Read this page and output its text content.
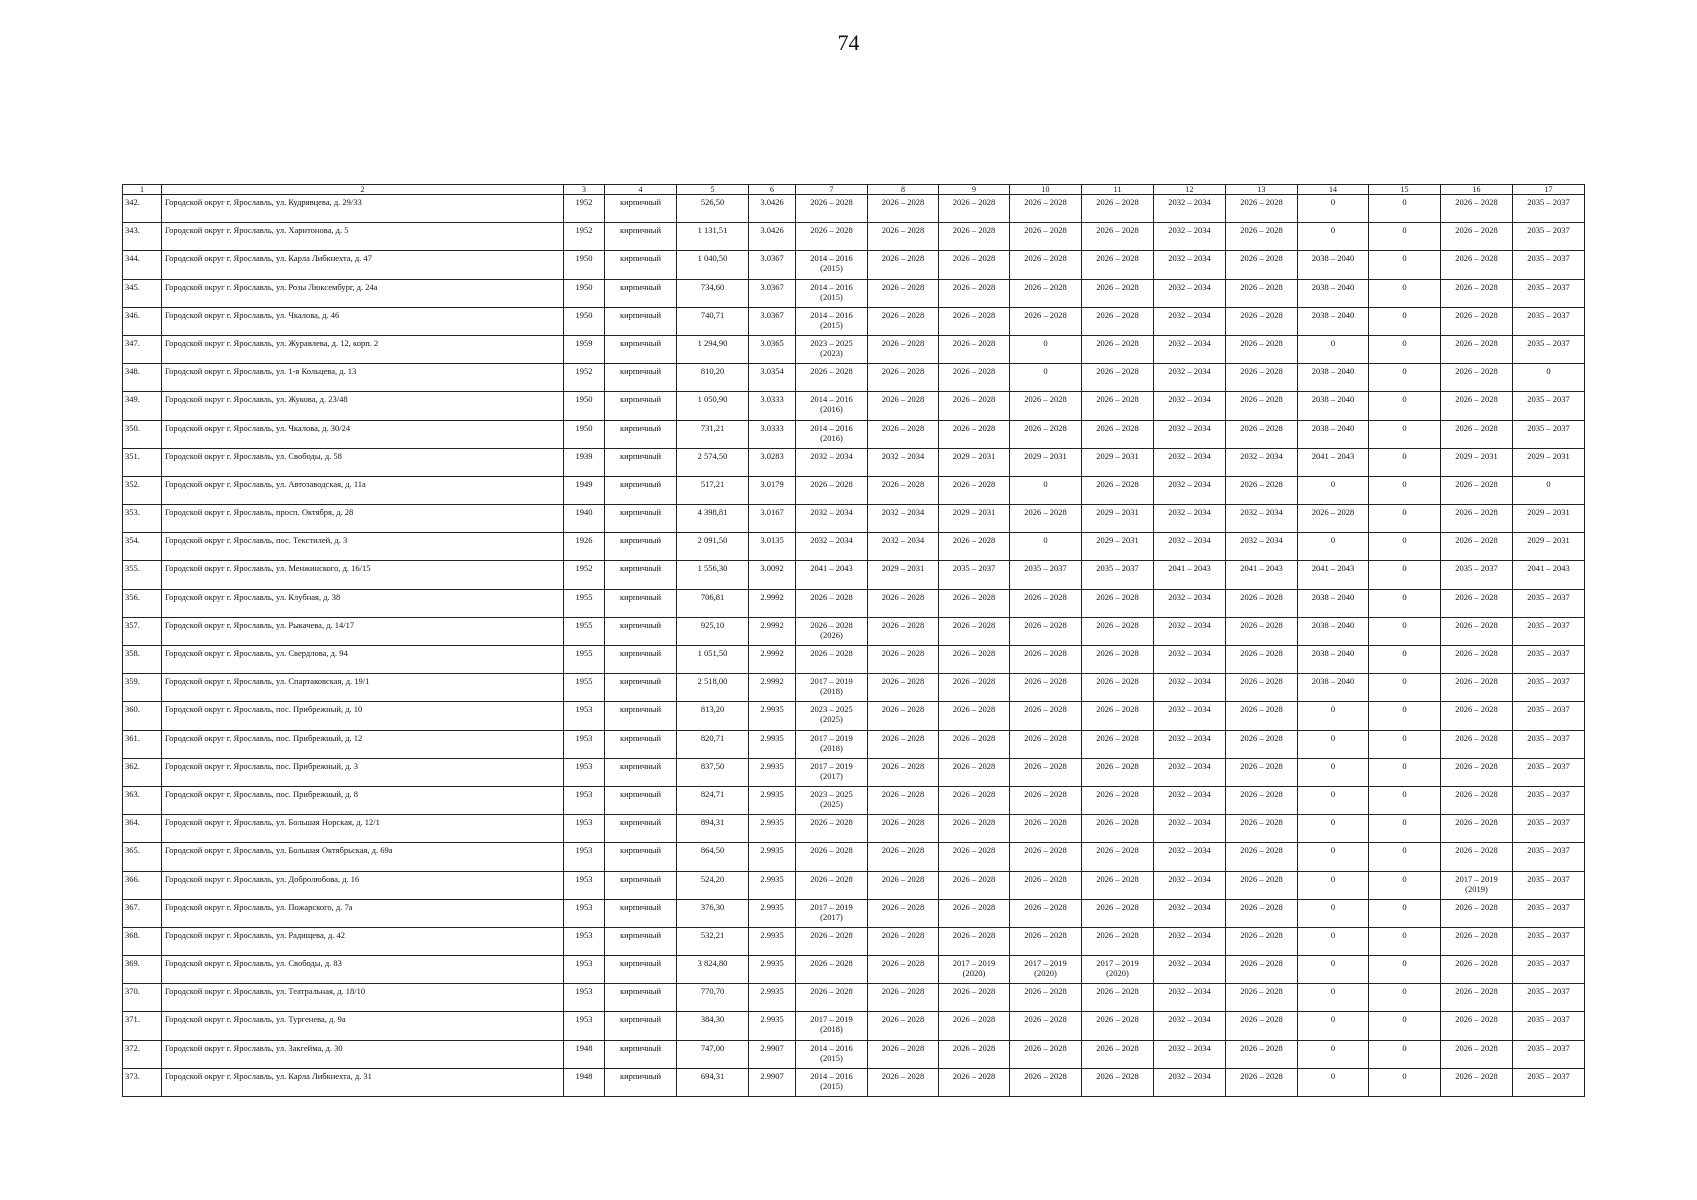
74
1	2	3	4	5	6	7	8	9	10	11	12	13	14	15	16	17
342.	Городской округ г. Ярославль, ул. Кудрявцева, д. 29/33	1952	кирпичный	526,50	3.0426	2026 – 2028	2026 – 2028	2026 – 2028	2026 – 2028	2026 – 2028	2032 – 2034	2026 – 2028	0	0	2026 – 2028	2035 – 2037
343.	Городской округ г. Ярославль, ул. Харитонова, д. 5	1952	кирпичный	1 131,51	3.0426	2026 – 2028	2026 – 2028	2026 – 2028	2026 – 2028	2026 – 2028	2032 – 2034	2026 – 2028	0	0	2026 – 2028	2035 – 2037
344.	Городской округ г. Ярославль, ул. Карла Либкнехта, д. 47	1950	кирпичный	1 040,50	3.0367	2014 – 2016 (2015)	2026 – 2028	2026 – 2028	2026 – 2028	2026 – 2028	2032 – 2034	2026 – 2028	2038 – 2040	0	2026 – 2028	2035 – 2037
345.	Городской округ г. Ярославль, ул. Розы Люксембург, д. 24а	1950	кирпичный	734,60	3.0367	2014 – 2016 (2015)	2026 – 2028	2026 – 2028	2026 – 2028	2026 – 2028	2032 – 2034	2026 – 2028	2038 – 2040	0	2026 – 2028	2035 – 2037
346.	Городской округ г. Ярославль, ул. Чкалова, д. 46	1950	кирпичный	740,71	3.0367	2014 – 2016 (2015)	2026 – 2028	2026 – 2028	2026 – 2028	2026 – 2028	2032 – 2034	2026 – 2028	2038 – 2040	0	2026 – 2028	2035 – 2037
347.	Городской округ г. Ярославль, ул. Журавлева, д. 12, корп. 2	1959	кирпичный	1 294,90	3.0365	2023 – 2025 (2023)	2026 – 2028	2026 – 2028	0	2026 – 2028	2032 – 2034	2026 – 2028	0	0	2026 – 2028	2035 – 2037
348.	Городской округ г. Ярославль, ул. 1-я Кольцева, д. 13	1952	кирпичный	810,20	3.0354	2026 – 2028	2026 – 2028	2026 – 2028	0	2026 – 2028	2032 – 2034	2026 – 2028	2038 – 2040	0	2026 – 2028	0
349.	Городской округ г. Ярославль, ул. Жукова, д. 23/48	1950	кирпичный	1 050,90	3.0333	2014 – 2016 (2016)	2026 – 2028	2026 – 2028	2026 – 2028	2026 – 2028	2032 – 2034	2026 – 2028	2038 – 2040	0	2026 – 2028	2035 – 2037
350.	Городской округ г. Ярославль, ул. Чкалова, д. 30/24	1950	кирпичный	731,21	3.0333	2014 – 2016 (2016)	2026 – 2028	2026 – 2028	2026 – 2028	2026 – 2028	2032 – 2034	2026 – 2028	2038 – 2040	0	2026 – 2028	2035 – 2037
351.	Городской округ г. Ярославль, ул. Свободы, д. 58	1939	кирпичный	2 574,50	3.0283	2032 – 2034	2032 – 2034	2029 – 2031	2029 – 2031	2029 – 2031	2032 – 2034	2032 – 2034	2041 – 2043	0	2029 – 2031	2029 – 2031
352.	Городской округ г. Ярославль, ул. Автозаводская, д. 11а	1949	кирпичный	517,21	3.0179	2026 – 2028	2026 – 2028	2026 – 2028	0	2026 – 2028	2032 – 2034	2026 – 2028	0	0	2026 – 2028	0
353.	Городской округ г. Ярославль, просп. Октября, д. 28	1940	кирпичный	4 398,81	3.0167	2032 – 2034	2032 – 2034	2029 – 2031	2026 – 2028	2029 – 2031	2032 – 2034	2032 – 2034	2026 – 2028	0	2026 – 2028	2029 – 2031
354.	Городской округ г. Ярославль, пос. Текстилей, д. 3	1926	кирпичный	2 091,50	3.0135	2032 – 2034	2032 – 2034	2026 – 2028	0	2029 – 2031	2032 – 2034	2032 – 2034	0	0	2026 – 2028	2029 – 2031
355.	Городской округ г. Ярославль, ул. Менжинского, д. 16/15	1952	кирпичный	1 556,30	3.0092	2041 – 2043	2029 – 2031	2035 – 2037	2035 – 2037	2035 – 2037	2041 – 2043	2041 – 2043	2041 – 2043	0	2035 – 2037	2041 – 2043
356.	Городской округ г. Ярославль, ул. Клубная, д. 38	1955	кирпичный	706,81	2.9992	2026 – 2028	2026 – 2028	2026 – 2028	2026 – 2028	2026 – 2028	2032 – 2034	2026 – 2028	2038 – 2040	0	2026 – 2028	2035 – 2037
357.	Городской округ г. Ярославль, ул. Рыкачева, д. 14/17	1955	кирпичный	925,10	2.9992	2026 – 2028 (2026)	2026 – 2028	2026 – 2028	2026 – 2028	2026 – 2028	2032 – 2034	2026 – 2028	2038 – 2040	0	2026 – 2028	2035 – 2037
358.	Городской округ г. Ярославль, ул. Свердлова, д. 94	1955	кирпичный	1 051,50	2.9992	2026 – 2028	2026 – 2028	2026 – 2028	2026 – 2028	2026 – 2028	2032 – 2034	2026 – 2028	2038 – 2040	0	2026 – 2028	2035 – 2037
359.	Городской округ г. Ярославль, ул. Спартаковская, д. 19/1	1955	кирпичный	2 518,00	2.9992	2017 – 2019 (2018)	2026 – 2028	2026 – 2028	2026 – 2028	2026 – 2028	2032 – 2034	2026 – 2028	2038 – 2040	0	2026 – 2028	2035 – 2037
360.	Городской округ г. Ярославль, пос. Прибрежный, д. 10	1953	кирпичный	813,20	2.9935	2023 – 2025 (2025)	2026 – 2028	2026 – 2028	2026 – 2028	2026 – 2028	2032 – 2034	2026 – 2028	0	0	2026 – 2028	2035 – 2037
361.	Городской округ г. Ярославль, пос. Прибрежный, д. 12	1953	кирпичный	820,71	2.9935	2017 – 2019 (2018)	2026 – 2028	2026 – 2028	2026 – 2028	2026 – 2028	2032 – 2034	2026 – 2028	0	0	2026 – 2028	2035 – 2037
362.	Городской округ г. Ярославль, пос. Прибрежный, д. 3	1953	кирпичный	837,50	2.9935	2017 – 2019 (2017)	2026 – 2028	2026 – 2028	2026 – 2028	2026 – 2028	2032 – 2034	2026 – 2028	0	0	2026 – 2028	2035 – 2037
363.	Городской округ г. Ярославль, пос. Прибрежный, д. 8	1953	кирпичный	824,71	2.9935	2023 – 2025 (2025)	2026 – 2028	2026 – 2028	2026 – 2028	2026 – 2028	2032 – 2034	2026 – 2028	0	0	2026 – 2028	2035 – 2037
364.	Городской округ г. Ярославль, ул. Большая Норская, д. 12/1	1953	кирпичный	894,31	2.9935	2026 – 2028	2026 – 2028	2026 – 2028	2026 – 2028	2026 – 2028	2032 – 2034	2026 – 2028	0	0	2026 – 2028	2035 – 2037
365.	Городской округ г. Ярославль, ул. Большая Октябрьская, д. 69а	1953	кирпичный	864,50	2.9935	2026 – 2028	2026 – 2028	2026 – 2028	2026 – 2028	2026 – 2028	2032 – 2034	2026 – 2028	0	0	2026 – 2028	2035 – 2037
366.	Городской округ г. Ярославль, ул. Добролюбова, д. 16	1953	кирпичный	524,20	2.9935	2026 – 2028	2026 – 2028	2026 – 2028	2026 – 2028	2026 – 2028	2032 – 2034	2026 – 2028	0	0	2017 – 2019 (2019)	2035 – 2037
367.	Городской округ г. Ярославль, ул. Пожарского, д. 7а	1953	кирпичный	376,30	2.9935	2017 – 2019 (2017)	2026 – 2028	2026 – 2028	2026 – 2028	2026 – 2028	2032 – 2034	2026 – 2028	0	0	2026 – 2028	2035 – 2037
368.	Городской округ г. Ярославль, ул. Радищева, д. 42	1953	кирпичный	532,21	2.9935	2026 – 2028	2026 – 2028	2026 – 2028	2026 – 2028	2026 – 2028	2032 – 2034	2026 – 2028	0	0	2026 – 2028	2035 – 2037
369.	Городской округ г. Ярославль, ул. Свободы, д. 83	1953	кирпичный	3 824,80	2.9935	2026 – 2028	2026 – 2028	2017 – 2019 (2020)	2017 – 2019 (2020)	2017 – 2019 (2020)	2032 – 2034	2026 – 2028	0	0	2026 – 2028	2035 – 2037
370.	Городской округ г. Ярославль, ул. Театральная, д. 18/10	1953	кирпичный	770,70	2.9935	2026 – 2028	2026 – 2028	2026 – 2028	2026 – 2028	2026 – 2028	2032 – 2034	2026 – 2028	0	0	2026 – 2028	2035 – 2037
371.	Городской округ г. Ярославль, ул. Тургенева, д. 9а	1953	кирпичный	384,30	2.9935	2017 – 2019 (2018)	2026 – 2028	2026 – 2028	2026 – 2028	2026 – 2028	2032 – 2034	2026 – 2028	0	0	2026 – 2028	2035 – 2037
372.	Городской округ г. Ярославль, ул. Закгейма, д. 30	1948	кирпичный	747,00	2.9907	2014 – 2016 (2015)	2026 – 2028	2026 – 2028	2026 – 2028	2026 – 2028	2032 – 2034	2026 – 2028	0	0	2026 – 2028	2035 – 2037
373.	Городской округ г. Ярославль, ул. Карла Либкнехта, д. 31	1948	кирпичный	694,31	2.9907	2014 – 2016 (2015)	2026 – 2028	2026 – 2028	2026 – 2028	2026 – 2028	2032 – 2034	2026 – 2028	0	0	2026 – 2028	2035 – 2037
